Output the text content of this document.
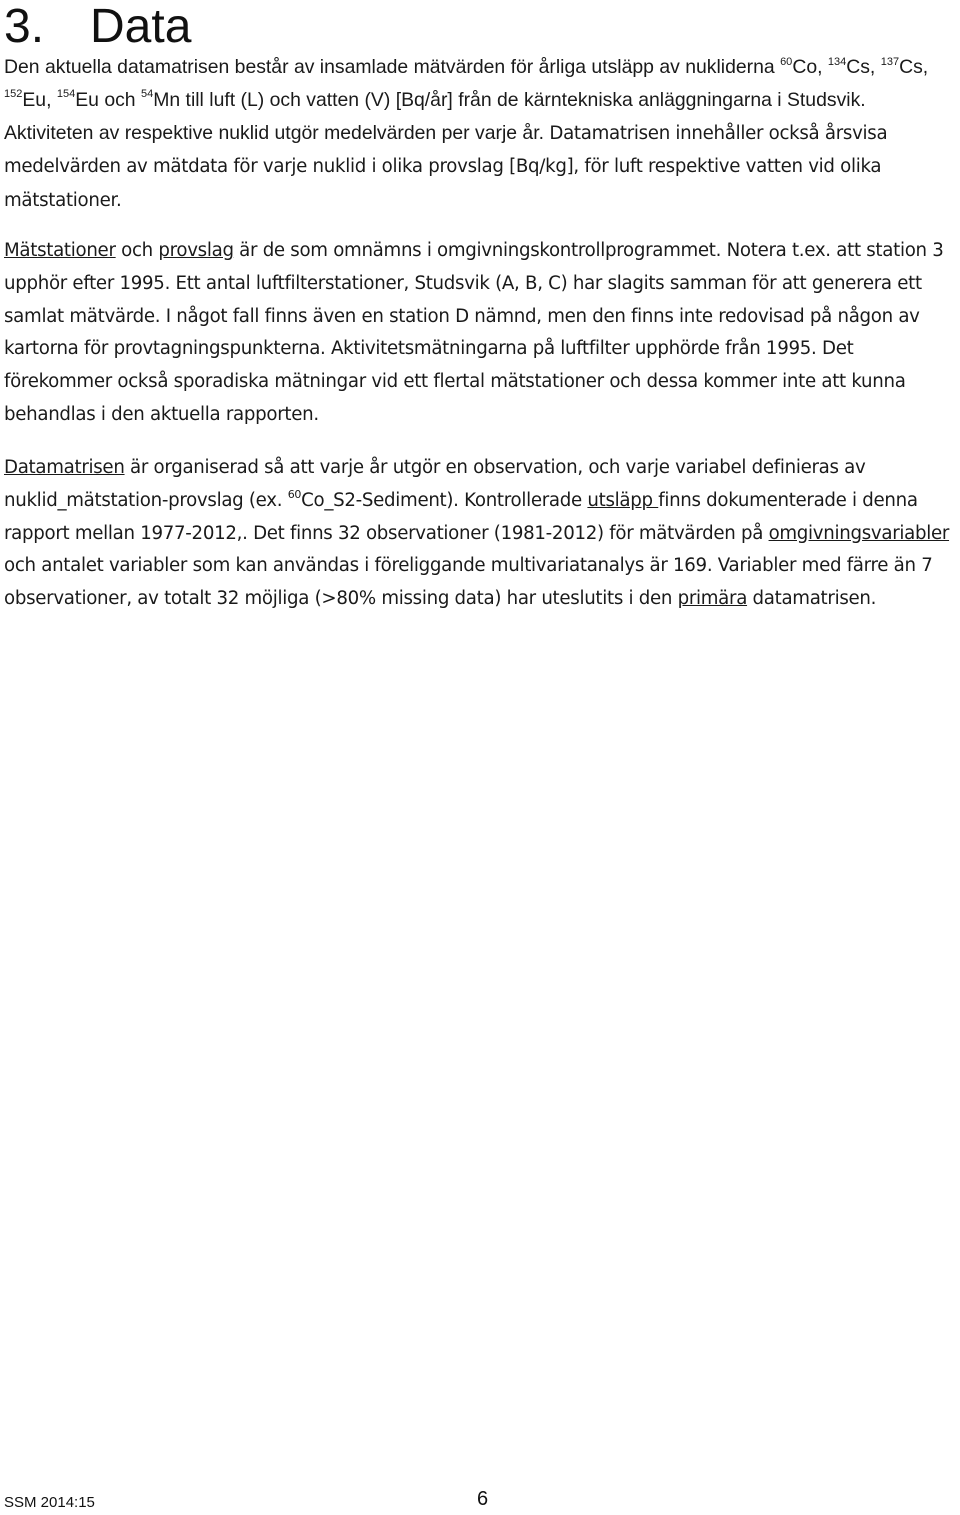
3. Data

Den aktuella datamatrisen består av insamlade mätvärden för årliga utsläpp av nukliderna $^{60}$Co, $^{134}$Cs, $^{137}$Cs, $^{152}$Eu, $^{154}$Eu och $^{54}$Mn till luft (L) och vatten (V) [Bq/år] från de kärntekniska anläggningarna i Studsvik. Aktiviteten av respektive nuklid utgör medelvärden per varje år. Datamatrisen innehåller också årsvisa medelvärden av mätdata för varje nuklid i olika provslag [Bq/kg], för luft respektive vatten vid olika mätstationer.

Mätstationer och provslag är de som omnämns i omgivningskontrollprogrammet. Notera t.ex. att station 3 upphör efter 1995. Ett antal luftfilterstationer, Studsvik (A, B, C) har slagits samman för att generera ett samlat mätvärde. I något fall finns även en station D nämnd, men den finns inte redovisad på någon av kartorna för provtagningspunkterna. Aktivitetsmätningarna på luftfilter upphörde från 1995. Det förekommer också sporadiska mätningar vid ett flertal mätstationer och dessa kommer inte att kunna behandlas i den aktuella rapporten.

Datamatrisen är organiserad så att varje år utgör en observation, och varje variabel definieras av nuklid_mätstation-provslag (ex. $^{60}$Co_S2-Sediment). Kontrollerade utsläpp finns dokumenterade i denna rapport mellan 1977-2012,. Det finns 32 observationer (1981-2012) för mätvärden på omgivningsvariabler och antalet variabler som kan användas i föreliggande multivariatanalys är 169. Variabler med färre än 7 observationer, av totalt 32 möjliga (>80% missing data) har uteslutits i den primära datamatrisen.

SSM 2014:15	6
